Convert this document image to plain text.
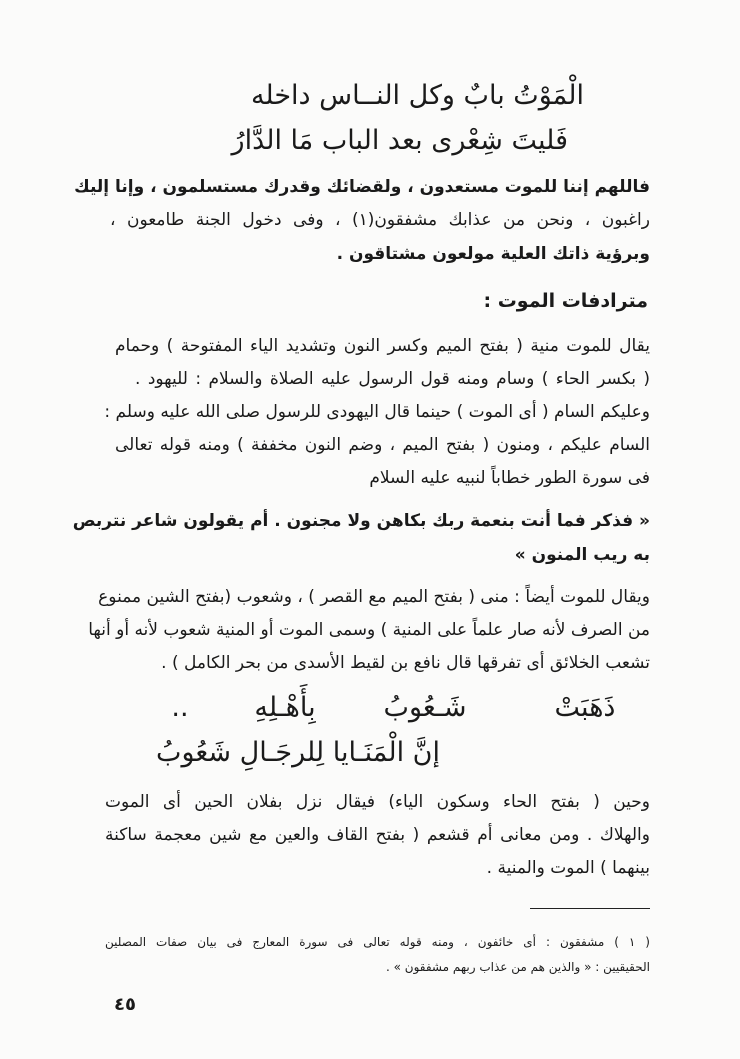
الْمَوْتُ بابٌ وكل النــاس داخله
فَليتَ شِعْرى بعد الباب مَا الدَّارُ
فاللهم إننا للموت مستعدون ، ولقضائك وقدرك مستسلمون ، وإنا إليك
راغبون ، ونحن من عذابك مشفقون(١) ، وفى دخول الجنة طامعون ،
وبرؤية ذاتك العلية مولعون مشتاقون .
مترادفات الموت :
يقال للموت منية ( بفتح الميم وكسر النون وتشديد الياء المفتوحة ) وحمام
( بكسر الحاء ) وسام ومنه قول الرسول عليه الصلاة والسلام : لليهود .
وعليكم السام ( أى الموت ) حينما قال اليهودى للرسول صلى الله عليه وسلم :
السام عليكم ، ومنون ( بفتح الميم ، وضم النون مخففة ) ومنه قوله تعالى
فى سورة الطور خطاباً لنبيه عليه السلام
« فذكر فما أنت بنعمة ربك بكاهن ولا مجنون . أم يقولون شاعر نتربص
به ريب المنون »
ويقال للموت أيضاً : منى ( بفتح الميم مع القصر ) ، وشعوب (بفتح الشين ممنوع
من الصرف لأنه صار علماً على المنية ) وسمى الموت أو المنية شعوب لأنه أو أنها
تشعب الخلائق أى تفرقها قال نافع بن لقيط الأسدى من بحر الكامل ) .
ذَهَبَتْ
شَـعُوبُ
بِأَهْـلِهِ
..
إنَّ الْمَنَـايا لِلرجَـالِ شَعُوبُ
وحين ( بفتح الحاء وسكون الياء) فيقال نزل بفلان الحين أى الموت
والهلاك . ومن معانى أم قشعم ( بفتح القاف والعين مع شين معجمة ساكنة
بينهما ) الموت والمنية .
( ١ ) مشفقون : أى خائفون ، ومنه قوله تعالى فى سورة المعارج فى بيان صفات المصلين
الحقيقيين : « والذين هم من عذاب ربهم مشفقون » .
٤٥
